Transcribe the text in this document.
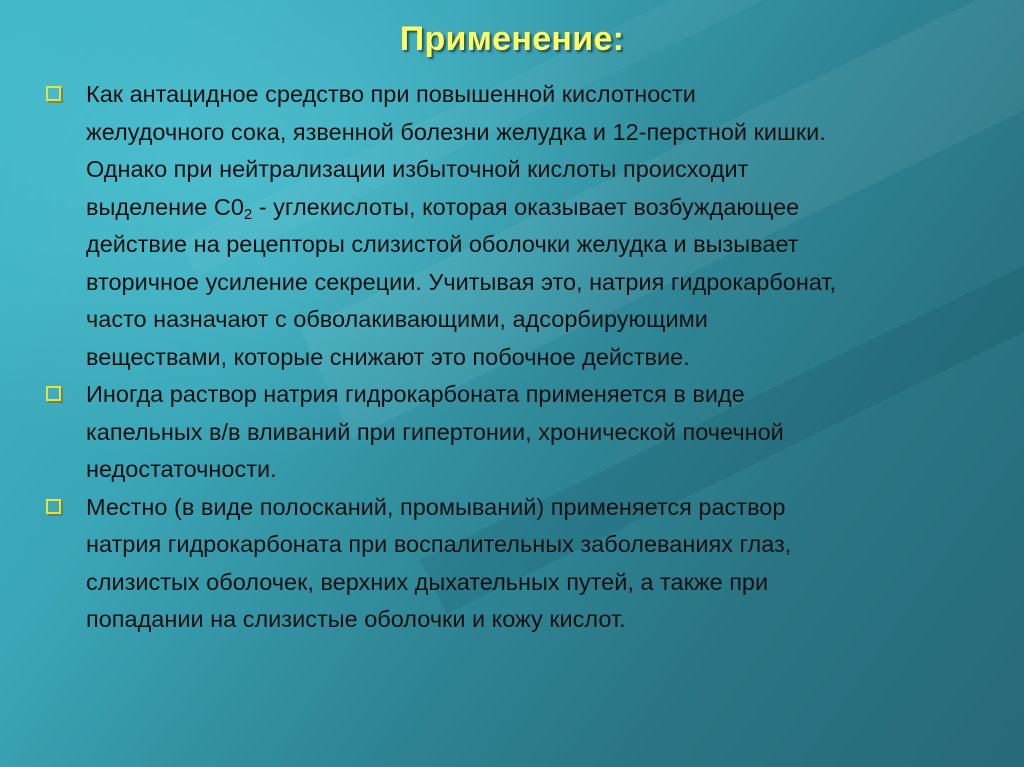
Применение:
Как антацидное средство при повышенной кислотности
желудочного сока, язвенной болезни желудка и 12-перстной кишки.
Однако при нейтрализации избыточной кислоты происходит
выделение $С0_2$ - углекислоты, которая оказывает возбуждающее
действие на рецепторы слизистой оболочки желудка и вызывает
вторичное усиление секреции. Учитывая это, натрия гидрокарбонат,
часто назначают с обволакивающими, адсорбирующими
веществами, которые снижают это побочное действие.
Иногда раствор натрия гидрокарбоната применяется в виде
капельных в/в вливаний при гипертонии, хронической почечной
недостаточности.
Местно (в виде полосканий, промываний) применяется раствор
натрия гидрокарбоната при воспалительных заболеваниях глаз,
слизистых оболочек, верхних дыхательных путей, а также при
попадании на слизистые оболочки и кожу кислот.
